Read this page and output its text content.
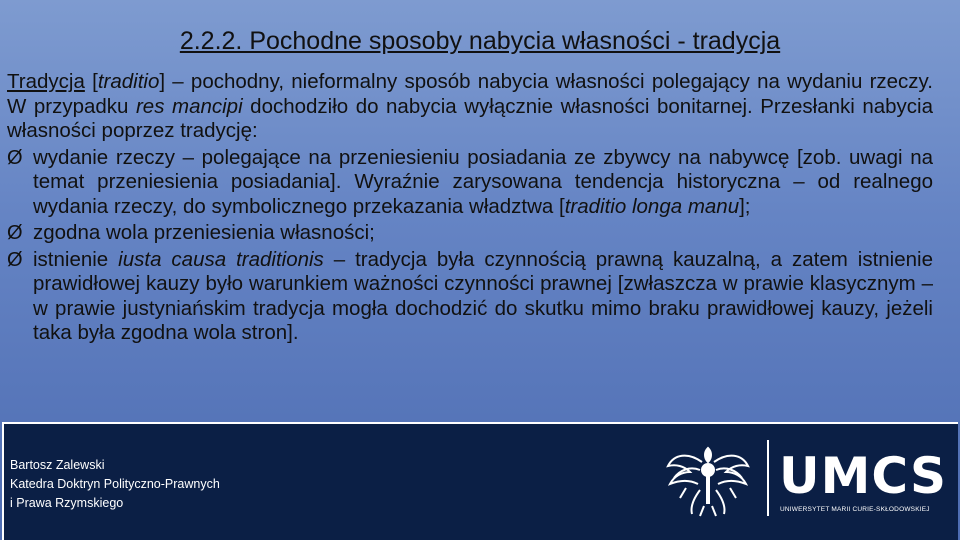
2.2.2. Pochodne sposoby nabycia własności - tradycja

Tradycja [traditio] – pochodny, nieformalny sposób nabycia własności polegający na wydaniu rzeczy. W przypadku res mancipi dochodziło do nabycia wyłącznie własności bonitarnej. Przesłanki nabycia własności poprzez tradycję:

Ø wydanie rzeczy – polegające na przeniesieniu posiadania ze zbywcy na nabywcę [zob. uwagi na temat przeniesienia posiadania]. Wyraźnie zarysowana tendencja historyczna – od realnego wydania rzeczy, do symbolicznego przekazania władztwa [traditio longa manu];

Ø zgodna wola przeniesienia własności;

Ø istnienie iusta causa traditionis – tradycja była czynnością prawną kauzalną, a zatem istnienie prawidłowej kauzy było warunkiem ważności czynności prawnej [zwłaszcza w prawie klasycznym – w prawie justyniańskim tradycja mogła dochodzić do skutku mimo braku prawidłowej kauzy, jeżeli taka była zgodna wola stron].

Bartosz Zalewski
Katedra Doktryn Polityczno-Prawnych
i Prawa Rzymskiego	UMCS
UNIWERSYTET MARII CURIE-SKŁODOWSKIEJ
